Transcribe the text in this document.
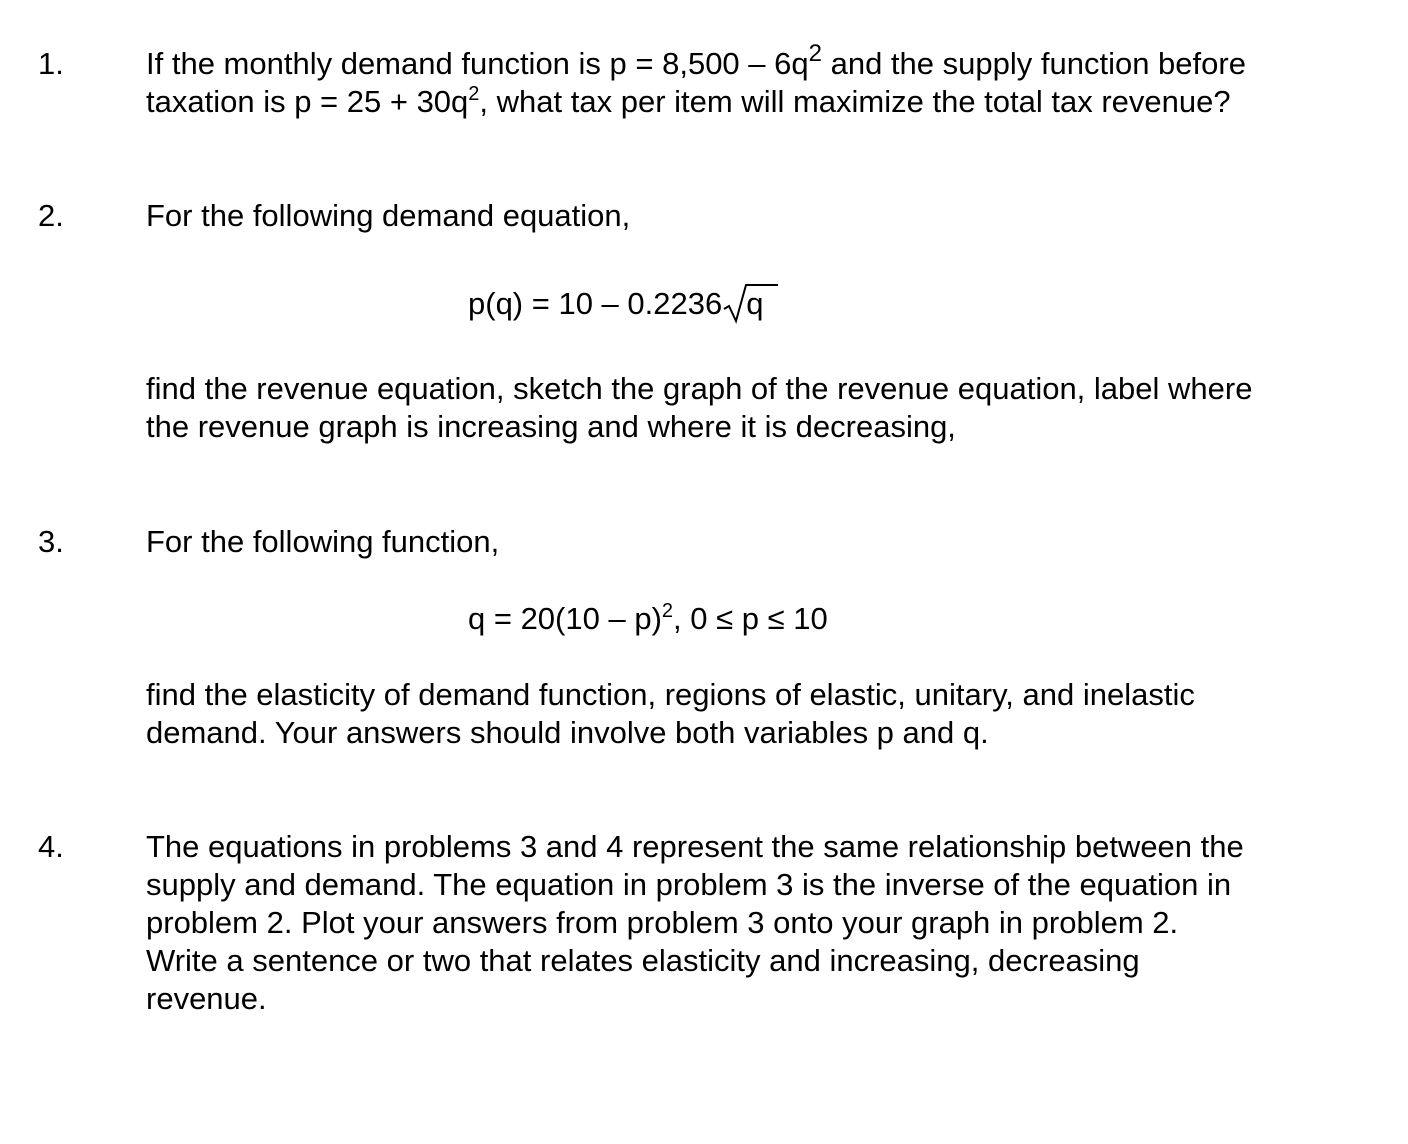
1.	If the monthly demand function is $p = 8,500 - 6q^2$ and the supply function before
taxation is $p = 25 + 30q^2$, what tax per item will maximize the total tax revenue?
2.	For the following demand equation,
p(q) = 10 – 0.2236 q
find the revenue equation, sketch the graph of the revenue equation, label where
the revenue graph is increasing and where it is decreasing,
3.	For the following function,
q = 20(10 – p)$^2$, 0 ≤ p ≤ 10
find the elasticity of demand function, regions of elastic, unitary, and inelastic
demand. Your answers should involve both variables p and q.
4.	The equations in problems 3 and 4 represent the same relationship between the
supply and demand. The equation in problem 3 is the inverse of the equation in
problem 2. Plot your answers from problem 3 onto your graph in problem 2.
Write a sentence or two that relates elasticity and increasing, decreasing
revenue.
